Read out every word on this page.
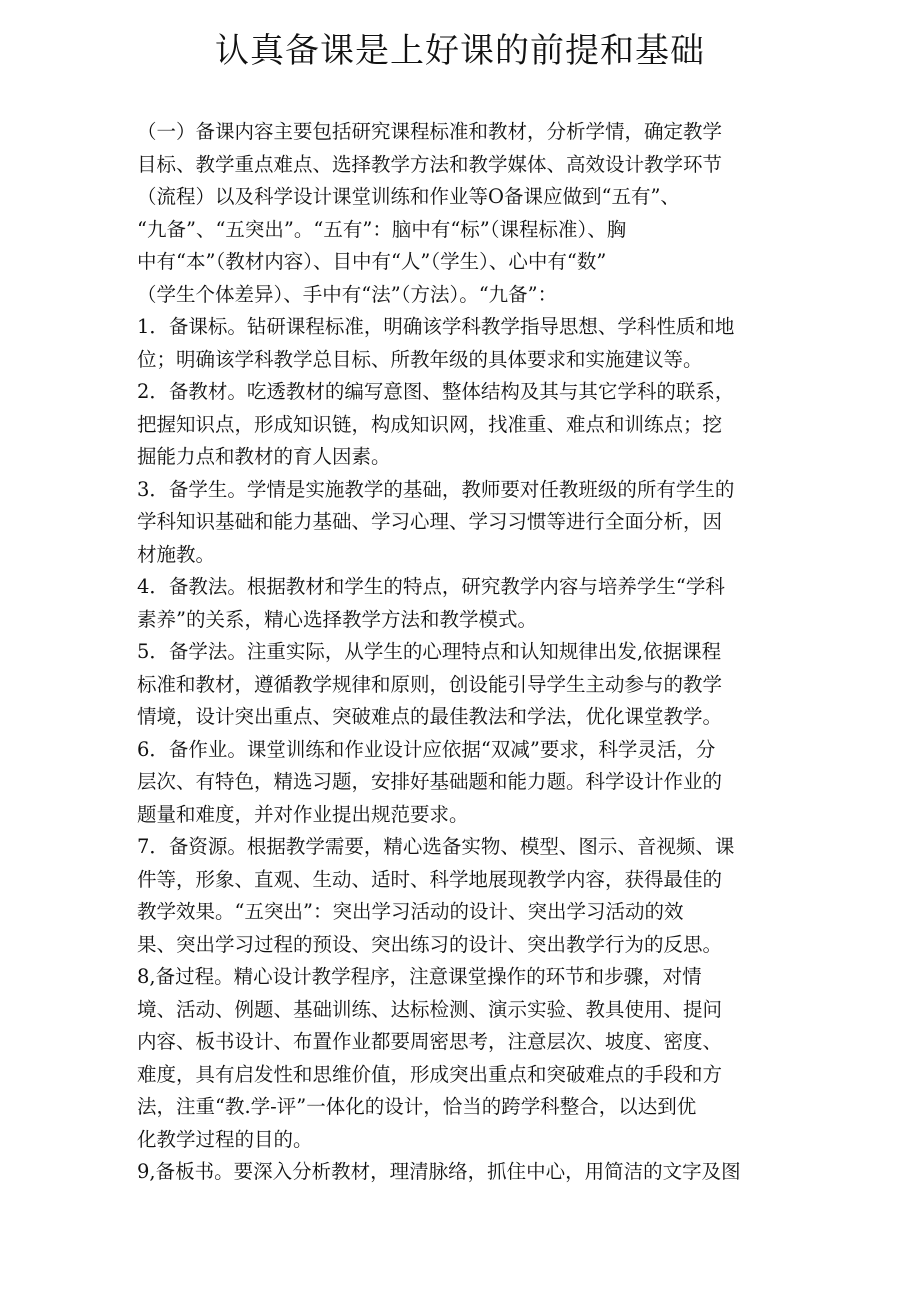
认真备课是上好课的前提和基础
（一）备课内容主要包括研究课程标准和教材，分析学情，确定教学
目标、教学重点难点、选择教学方法和教学媒体、高效设计教学环节
（流程）以及科学设计课堂训练和作业等O备课应做到“五有”、
“九备”、“五突出”。“五有”：脑中有“标”（课程标准）、胸
中有“本”（教材内容）、目中有“人”（学生）、心中有“数”
（学生个体差异）、手中有“法”（方法）。“九备”：
1．备课标。钻研课程标准，明确该学科教学指导思想、学科性质和地
位；明确该学科教学总目标、所教年级的具体要求和实施建议等。
2．备教材。吃透教材的编写意图、整体结构及其与其它学科的联系，
把握知识点，形成知识链，构成知识网，找准重、难点和训练点；挖
掘能力点和教材的育人因素。
3．备学生。学情是实施教学的基础，教师要对任教班级的所有学生的
学科知识基础和能力基础、学习心理、学习习惯等进行全面分析，因
材施教。
4．备教法。根据教材和学生的特点，研究教学内容与培养学生“学科
素养”的关系，精心选择教学方法和教学模式。
5．备学法。注重实际，从学生的心理特点和认知规律出发,依据课程
标准和教材，遵循教学规律和原则，创设能引导学生主动参与的教学
情境，设计突出重点、突破难点的最佳教法和学法，优化课堂教学。
6．备作业。课堂训练和作业设计应依据“双减”要求，科学灵活，分
层次、有特色，精选习题，安排好基础题和能力题。科学设计作业的
题量和难度，并对作业提出规范要求。
7．备资源。根据教学需要，精心选备实物、模型、图示、音视频、课
件等，形象、直观、生动、适时、科学地展现教学内容，获得最佳的
教学效果。“五突出”：突出学习活动的设计、突出学习活动的效
果、突出学习过程的预设、突出练习的设计、突出教学行为的反思。
8,备过程。精心设计教学程序，注意课堂操作的环节和步骤，对情
境、活动、例题、基础训练、达标检测、演示实验、教具使用、提问
内容、板书设计、布置作业都要周密思考，注意层次、坡度、密度、
难度，具有启发性和思维价值，形成突出重点和突破难点的手段和方
法，注重“教.学-评”一体化的设计，恰当的跨学科整合，以达到优
化教学过程的目的。
9,备板书。要深入分析教材，理清脉络，抓住中心，用简洁的文字及图
